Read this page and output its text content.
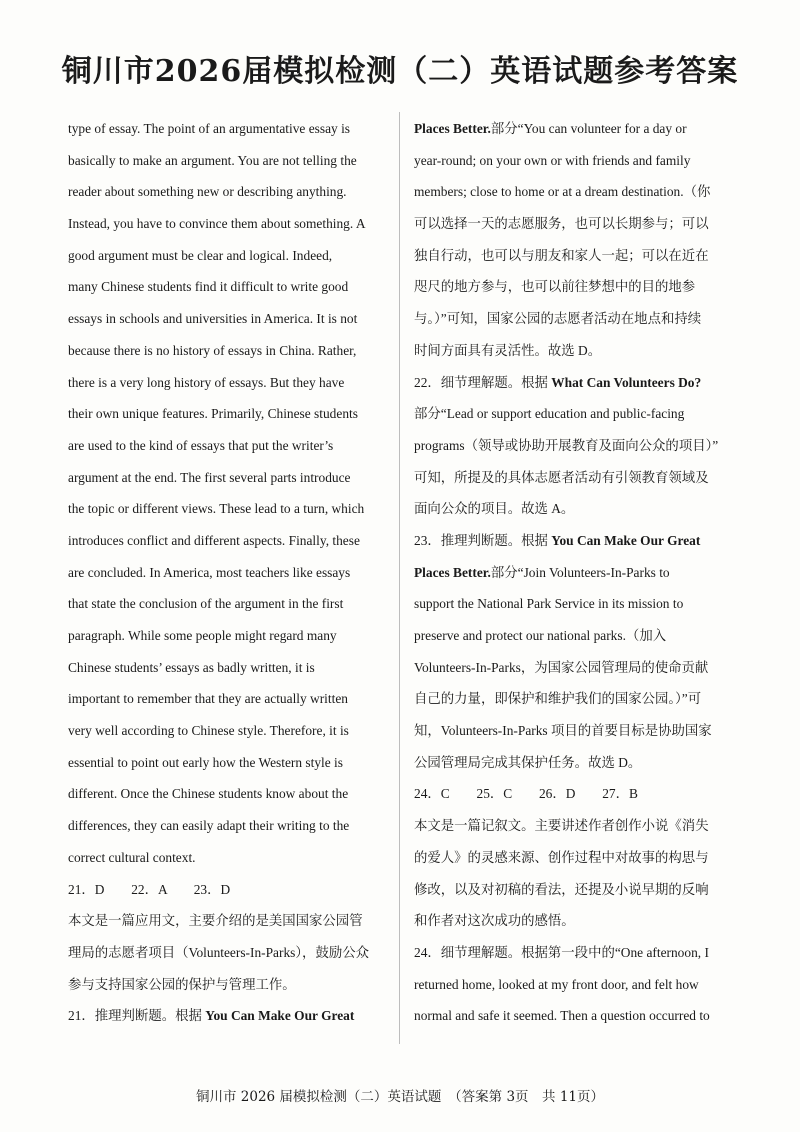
铜川市2026届模拟检测（二）英语试题参考答案
type of essay. The point of an argumentative essay is
basically to make an argument. You are not telling the
reader about something new or describing anything.
Instead, you have to convince them about something. A
good argument must be clear and logical. Indeed,
many Chinese students find it difficult to write good
essays in schools and universities in America. It is not
because there is no history of essays in China. Rather,
there is a very long history of essays. But they have
their own unique features. Primarily, Chinese students
are used to the kind of essays that put the writer’s
argument at the end. The first several parts introduce
the topic or different views. These lead to a turn, which
introduces conflict and different aspects. Finally, these
are concluded. In America, most teachers like essays
that state the conclusion of the argument in the first
paragraph. While some people might regard many
Chinese students’ essays as badly written, it is
important to remember that they are actually written
very well according to Chinese style. Therefore, it is
essential to point out early how the Western style is
different. Once the Chinese students know about the
differences, they can easily adapt their writing to the
correct cultural context.
21．D　　22．A　　23．D
本文是一篇应用文，主要介绍的是美国国家公园管
理局的志愿者项目（Volunteers-In-Parks），鼓励公众
参与支持国家公园的保护与管理工作。
21．推理判断题。根据 You Can Make Our Great
Places Better.部分“You can volunteer for a day or
year-round; on your own or with friends and family
members; close to home or at a dream destination.（你
可以选择一天的志愿服务，也可以长期参与；可以
独自行动，也可以与朋友和家人一起；可以在近在
咫尺的地方参与，也可以前往梦想中的目的地参
与。）”可知，国家公园的志愿者活动在地点和持续
时间方面具有灵活性。故选 D。
22．细节理解题。根据 What Can Volunteers Do?
部分“Lead or support education and public-facing
programs（领导或协助开展教育及面向公众的项目）”
可知，所提及的具体志愿者活动有引领教育领域及
面向公众的项目。故选 A。
23．推理判断题。根据 You Can Make Our Great
Places Better.部分“Join Volunteers-In-Parks to
support the National Park Service in its mission to
preserve and protect our national parks.（加入
Volunteers-In-Parks，为国家公园管理局的使命贡献
自己的力量，即保护和维护我们的国家公园。）”可
知，Volunteers-In-Parks 项目的首要目标是协助国家
公园管理局完成其保护任务。故选 D。
24．C　　25．C　　26．D　　27．B
本文是一篇记叙文。主要讲述作者创作小说《消失
的爱人》的灵感来源、创作过程中对故事的构思与
修改，以及对初稿的看法，还提及小说早期的反响
和作者对这次成功的感悟。
24．细节理解题。根据第一段中的“One afternoon, I
returned home, looked at my front door, and felt how
normal and safe it seemed. Then a question occurred to
铜川市 2026 届模拟检测（二）英语试题　（答案第 3页　共 11页）
